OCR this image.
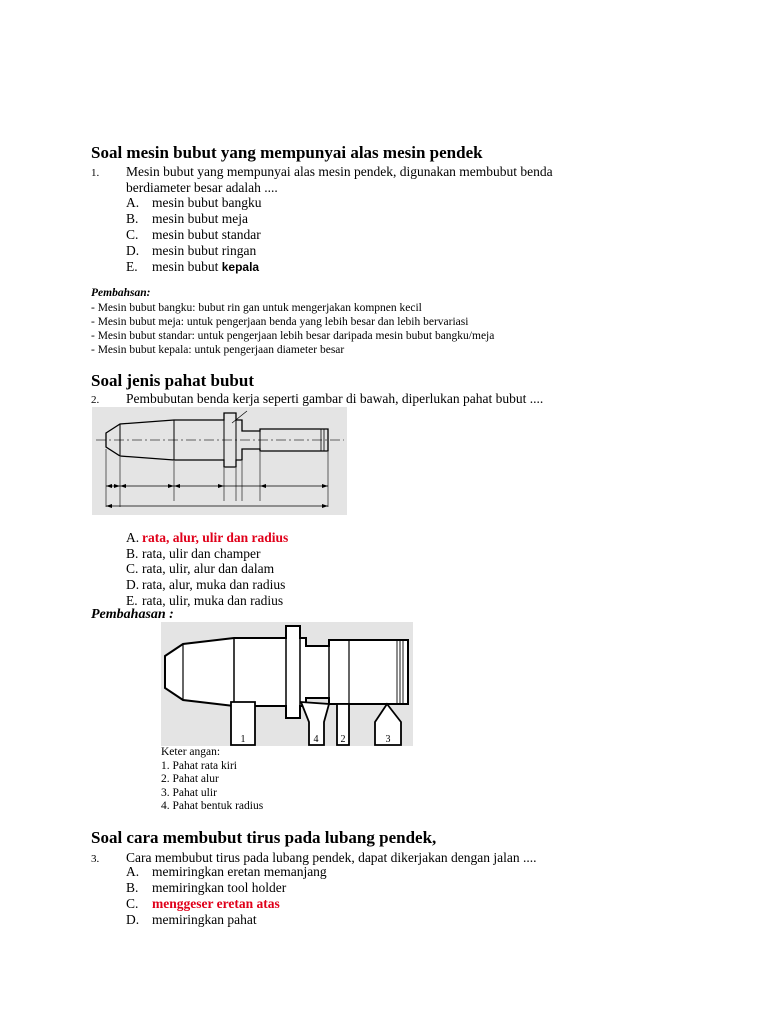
Soal mesin bubut yang mempunyai alas mesin pendek
1. Mesin bubut yang mempunyai alas mesin pendek, digunakan membubut benda
berdiameter besar adalah ....
A. mesin bubut bangku
B. mesin bubut meja
C. mesin bubut standar
D. mesin bubut ringan
E. mesin bubut kepala
Pembahsan:
- Mesin bubut bangku: bubut rin gan untuk mengerjakan kompnen kecil
- Mesin bubut meja: untuk pengerjaan benda yang lebih besar dan lebih bervariasi
- Mesin bubut standar: untuk pengerjaan lebih besar daripada mesin bubut bangku/meja
- Mesin bubut kepala: untuk pengerjaan diameter besar
Soal jenis pahat bubut
2. Pembubutan benda kerja seperti gambar di bawah, diperlukan pahat bubut ....
A. rata, alur, ulir dan radius
B. rata, ulir dan champer
C. rata, ulir, alur dan dalam
D. rata, alur, muka dan radius
E. rata, ulir, muka dan radius
Pembahasan :
1	4 2	3
Keter angan:
1. Pahat rata kiri
2. Pahat alur
3. Pahat ulir
4. Pahat bentuk radius
Soal cara membubut tirus pada lubang pendek,
3. Cara membubut tirus pada lubang pendek, dapat dikerjakan dengan jalan ....
A. memiringkan eretan memanjang
B. memiringkan tool holder
C. menggeser eretan atas
D. memiringkan pahat
